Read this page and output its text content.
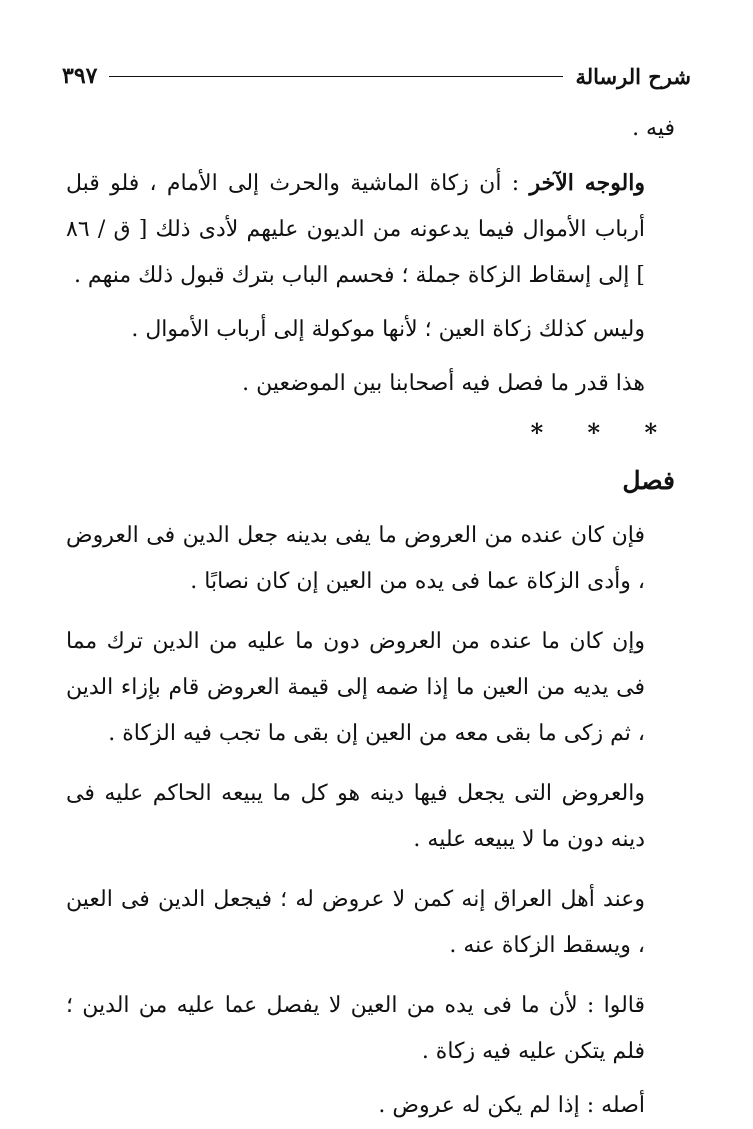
شرح الرسالة
٣٩٧

فيه .

والوجه الآخر : أن زكاة الماشية والحرث إلى الأمام ، فلو قبل أرباب الأموال فيما يدعونه من الديون عليهم لأدى ذلك [ ق / ٨٦ ] إلى إسقاط الزكاة جملة ؛ فحسم الباب بترك قبول ذلك منهم .

وليس كذلك زكاة العين ؛ لأنها موكولة إلى أرباب الأموال .

هذا قدر ما فصل فيه أصحابنا بين الموضعين .

* * *
فصل

فإن كان عنده من العروض ما يفى بدينه جعل الدين فى العروض ، وأدى الزكاة عما فى يده من العين إن كان نصابًا .

وإن كان ما عنده من العروض دون ما عليه من الدين ترك مما فى يديه من العين ما إذا ضمه إلى قيمة العروض قام بإزاء الدين ، ثم زكى ما بقى معه من العين إن بقى ما تجب فيه الزكاة .

والعروض التى يجعل فيها دينه هو كل ما يبيعه الحاكم عليه فى دينه دون ما لا يبيعه عليه .

وعند أهل العراق إنه كمن لا عروض له ؛ فيجعل الدين فى العين ، ويسقط الزكاة عنه .

قالوا : لأن ما فى يده من العين لا يفصل عما عليه من الدين ؛ فلم يتكن عليه فيه زكاة .

أصله : إذا لم يكن له عروض .
